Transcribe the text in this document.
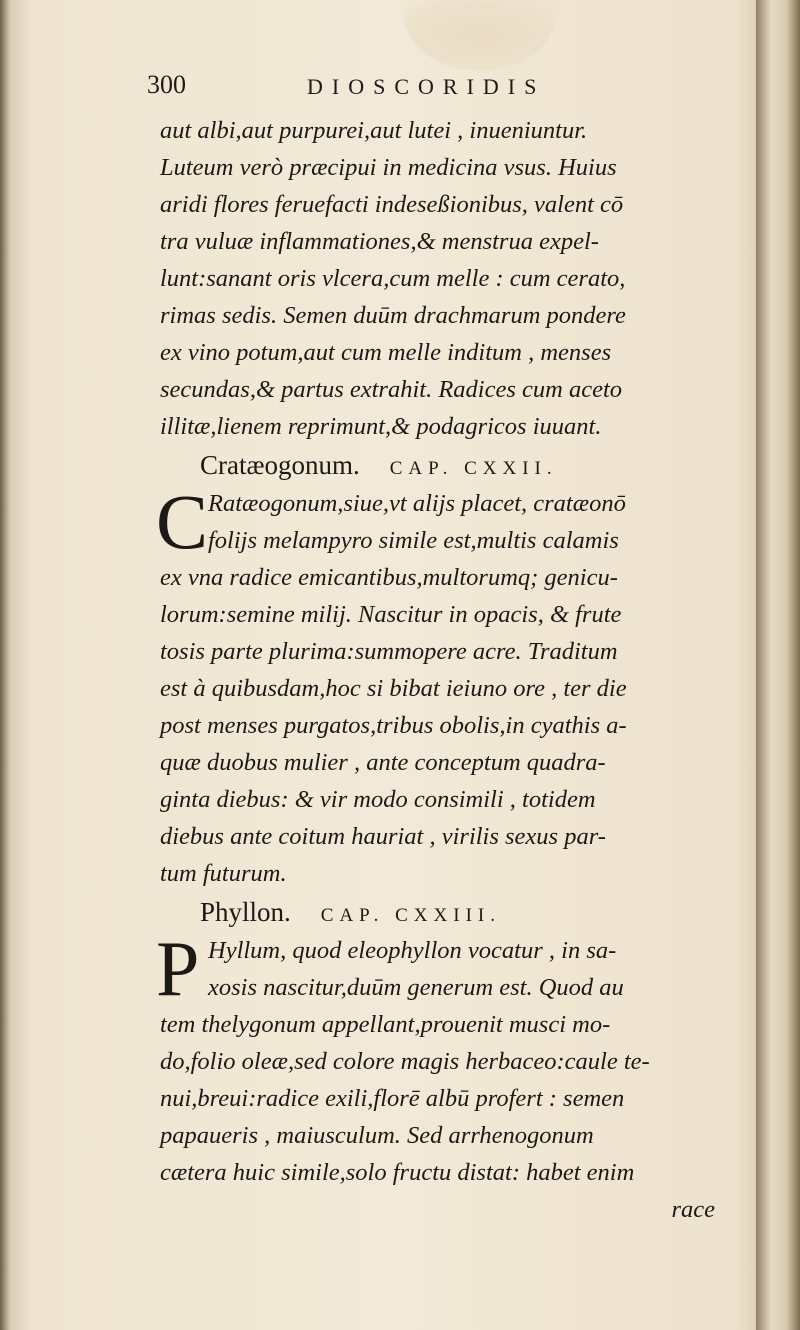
300	DIOSCORIDIS
aut albi,aut purpurei,aut lutei , inueniuntur.
Luteum verò præcipui in medicina vsus. Huius
aridi flores feruefacti indeseßionibus, valent cō
tra vuluæ inflammationes,& menstrua expel-
lunt:sanant oris vlcera,cum melle : cum cerato,
rimas sedis. Semen duūm drachmarum pondere
ex vino potum,aut cum melle inditum , menses
secundas,& partus extrahit. Radices cum aceto
illitæ,lienem reprimunt,& podagricos iuuant.
Cratæogonum. CAP. CXXII.
C Ratæogonum,siue,vt alijs placet, cratæonō
folijs melampyro simile est,multis calamis
ex vna radice emicantibus,multorumq; genicu-
lorum:semine milij. Nascitur in opacis, & frute
tosis parte plurima:summopere acre. Traditum
est à quibusdam,hoc si bibat ieiuno ore , ter die
post menses purgatos,tribus obolis,in cyathis a-
quæ duobus mulier , ante conceptum quadra-
ginta diebus: & vir modo consimili , totidem
diebus ante coitum hauriat , virilis sexus par-
tum futurum.
Phyllon. CAP. CXXIII.
P Hyllum, quod eleophyllon vocatur , in sa-
xosis nascitur,duūm generum est. Quod au
tem thelygonum appellant,prouenit musci mo-
do,folio oleæ,sed colore magis herbaceo:caule te-
nui,breui:radice exili,florē albū profert : semen
papaueris , maiusculum. Sed arrhenogonum
cætera huic simile,solo fructu distat: habet enim
race
